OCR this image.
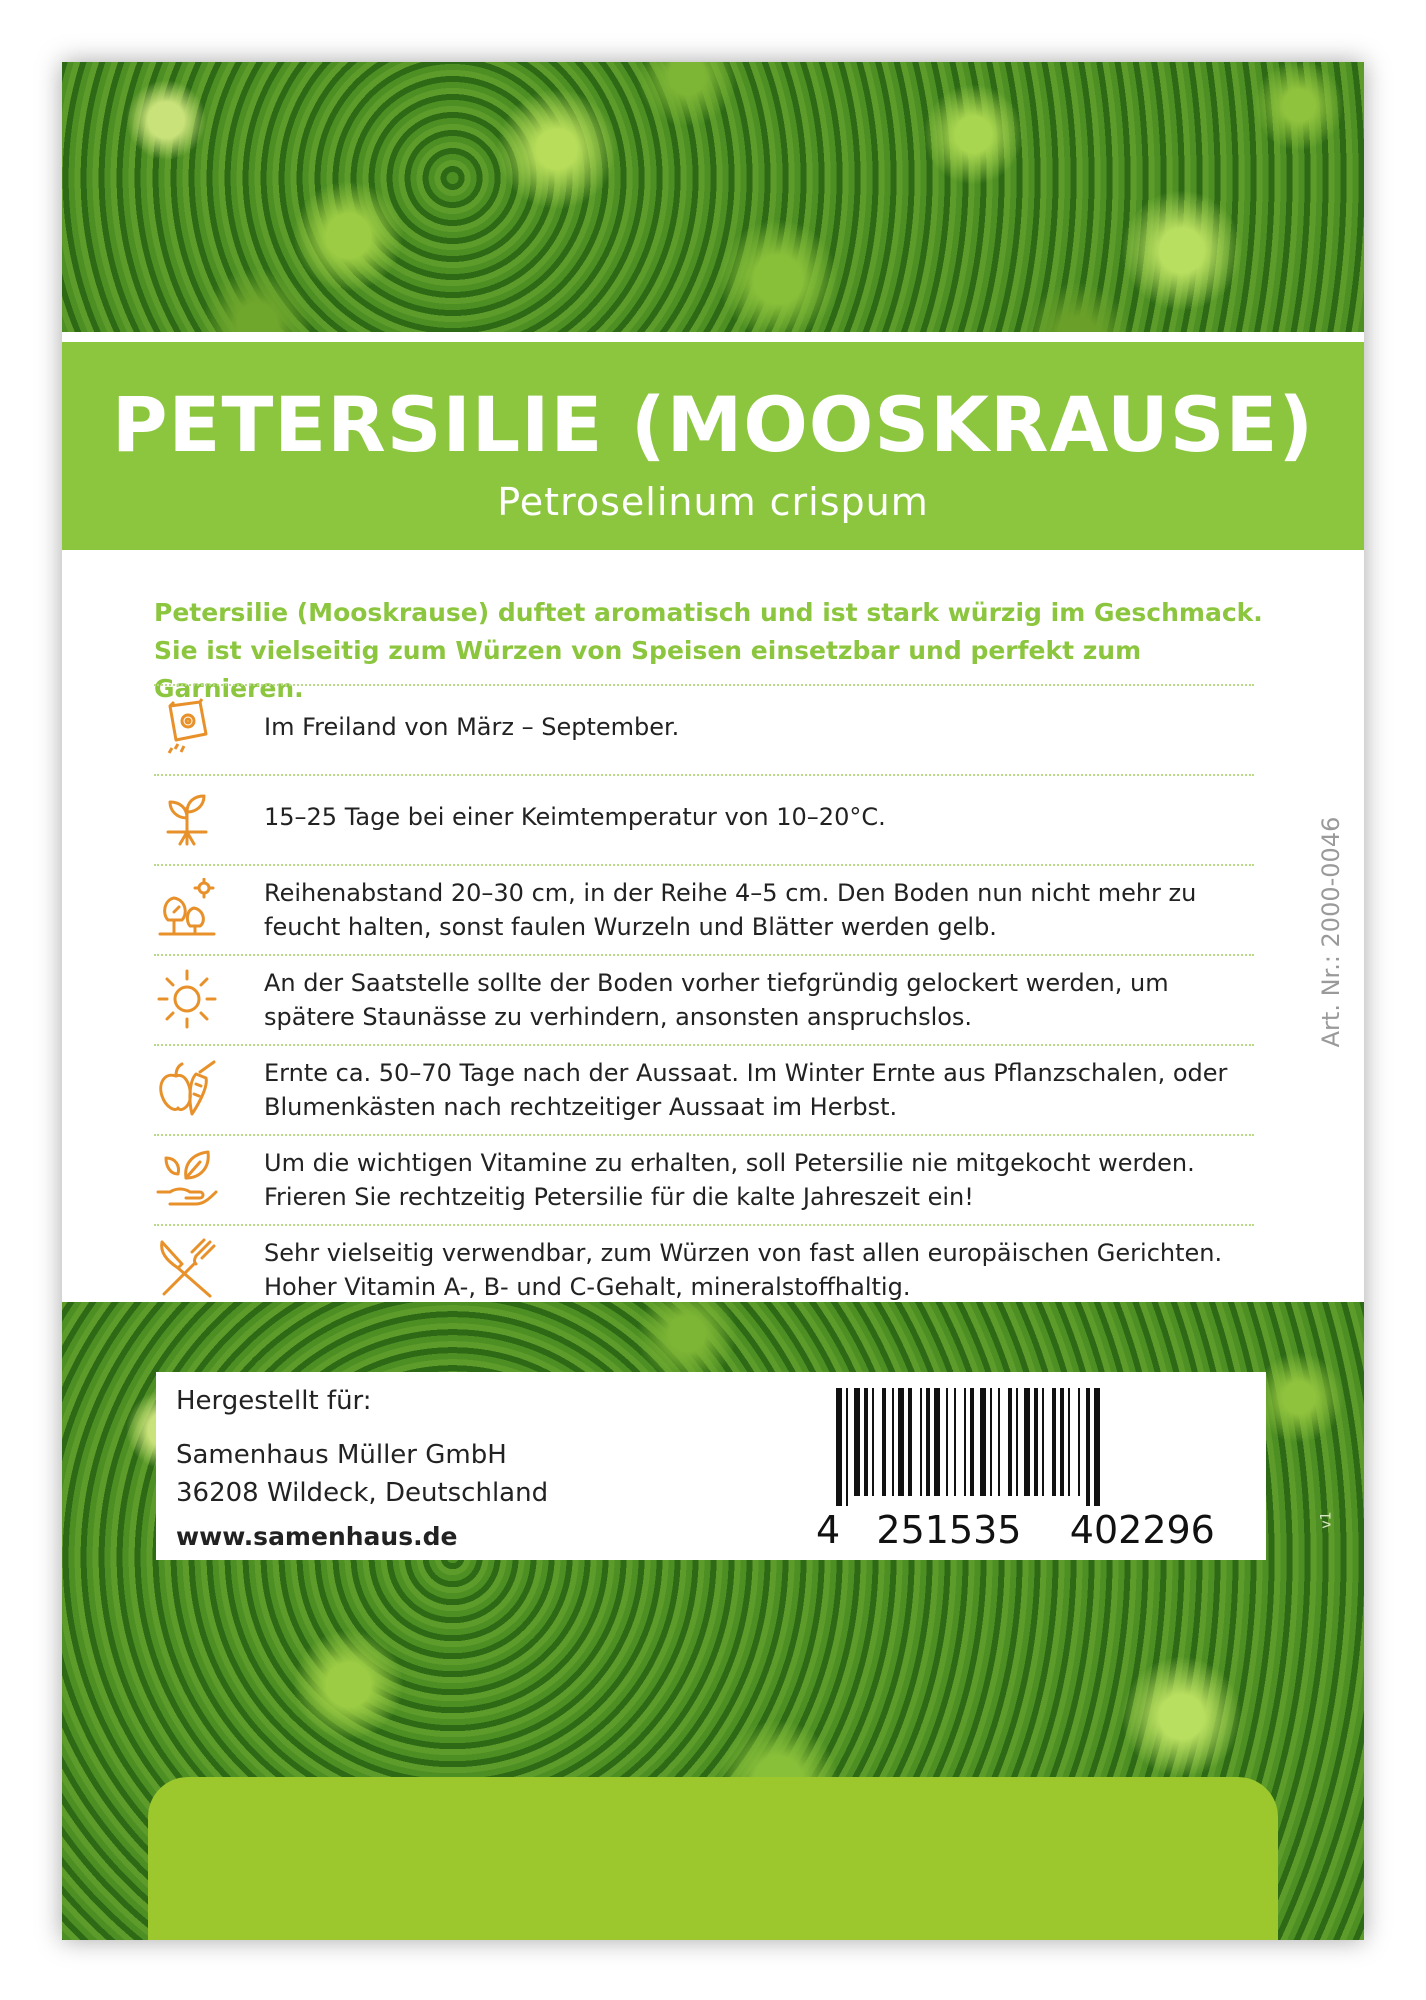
PETERSILIE (MOOSKRAUSE)
Petroselinum crispum
Petersilie (Mooskrause) duftet aromatisch und ist stark würzig im Geschmack.
Sie ist vielseitig zum Würzen von Speisen einsetzbar und perfekt zum Garnieren.
Im Freiland von März – September.
15–25 Tage bei einer Keimtemperatur von 10–20°C.
Reihenabstand 20–30 cm, in der Reihe 4–5 cm. Den Boden nun nicht mehr zu feucht halten, sonst faulen Wurzeln und Blätter werden gelb.
An der Saatstelle sollte der Boden vorher tiefgründig gelockert werden, um spätere Staunässe zu verhindern, ansonsten anspruchslos.
Ernte ca. 50–70 Tage nach der Aussaat. Im Winter Ernte aus Pflanzschalen, oder Blumenkästen nach rechtzeitiger Aussaat im Herbst.
Um die wichtigen Vitamine zu erhalten, soll Petersilie nie mitgekocht werden. Frieren Sie rechtzeitig Petersilie für die kalte Jahreszeit ein!
Sehr vielseitig verwendbar, zum Würzen von fast allen europäischen Gerichten. Hoher Vitamin A-, B- und C-Gehalt, mineralstoffhaltig.
Art. Nr.: 2000-0046
Hergestellt für:
Samenhaus Müller GmbH
36208 Wildeck, Deutschland
www.samenhaus.de	4   251535    402296	v1
